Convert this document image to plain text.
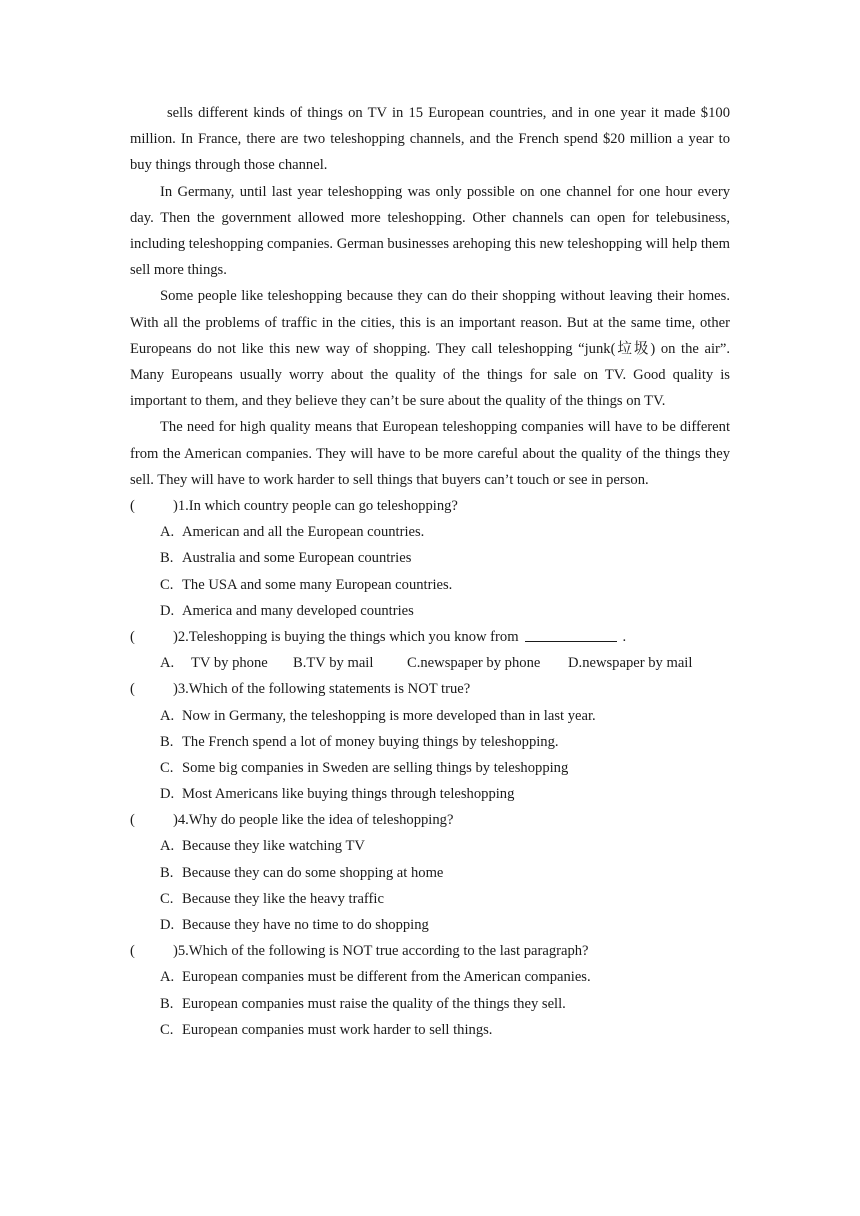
sells different kinds of things on TV in 15 European countries, and in one year it made $100 million. In France, there are two teleshopping channels, and the French spend $20 million a year to buy things through those channel.

In Germany, until last year teleshopping was only possible on one channel for one hour every day. Then the government allowed more teleshopping. Other channels can open for telebusiness, including teleshopping companies. German businesses arehoping this new teleshopping will help them sell more things.

Some people like teleshopping because they can do their shopping without leaving their homes. With all the problems of traffic in the cities, this is an important reason. But at the same time, other Europeans do not like this new way of shopping. They call teleshopping “junk(垃圾) on the air”. Many Europeans usually worry about the quality of the things for sale on TV. Good quality is important to them, and they believe they can’t be sure about the quality of the things on TV.

The need for high quality means that European teleshopping companies will have to be different from the American companies. They will have to be more careful about the quality of the things they sell. They will have to work harder to sell things that buyers can’t touch or see in person.

(	)1.In which country people can go teleshopping?
A. American and all the European countries.
B. Australia and some European countries
C. The USA and some many European countries.
D. America and many developed countries
(	)2.Teleshopping is buying the things which you know from	.
A. TV by phone B.TV by mail C.newspaper by phone D.newspaper by mail
(	)3.Which of the following statements is NOT true?
A. Now in Germany, the teleshopping is more developed than in last year.
B. The French spend a lot of money buying things by teleshopping.
C. Some big companies in Sweden are selling things by teleshopping
D. Most Americans like buying things through teleshopping
(	)4.Why do people like the idea of teleshopping?
A. Because they like watching TV
B. Because they can do some shopping at home
C. Because they like the heavy traffic
D. Because they have no time to do shopping
(	)5.Which of the following is NOT true according to the last paragraph?
A. European companies must be different from the American companies.
B. European companies must raise the quality of the things they sell.
C. European companies must work harder to sell things.
